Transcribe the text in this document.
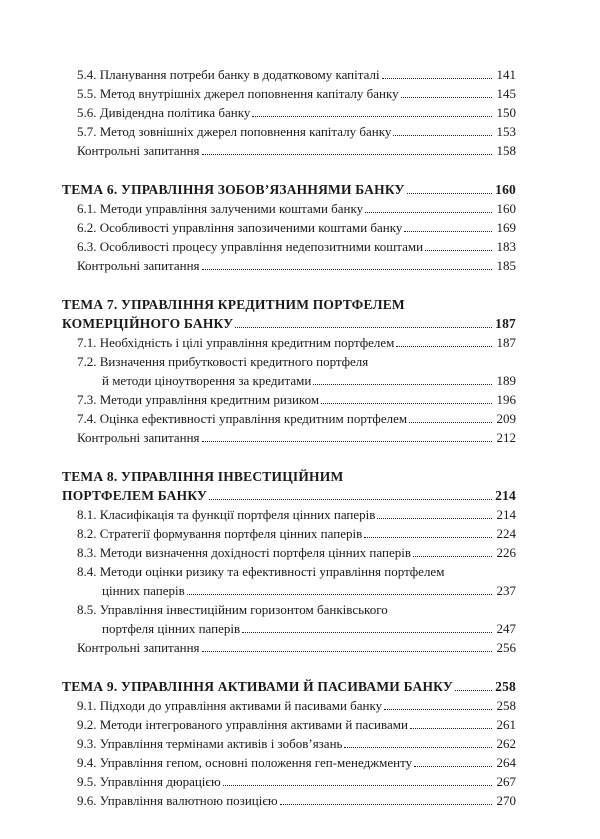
5.4. Планування потреби банку в додатковому капіталі	141
5.5. Метод внутрішніх джерел поповнення капіталу банку	145
5.6. Дивідендна політика банку	150
5.7. Метод зовнішніх джерел поповнення капіталу банку	153
Контрольні запитання	158
ТЕМА 6. УПРАВЛІННЯ ЗОБОВ’ЯЗАННЯМИ БАНКУ	160
6.1. Методи управління залученими коштами банку	160
6.2. Особливості управління запозиченими коштами банку	169
6.3. Особливості процесу управління недепозитними коштами	183
Контрольні запитання	185
ТЕМА 7. УПРАВЛІННЯ КРЕДИТНИМ ПОРТФЕЛЕМ
КОМЕРЦІЙНОГО БАНКУ	187
7.1. Необхідність і цілі управління кредитним портфелем	187
7.2. Визначення прибутковості кредитного портфеля
й методи ціноутворення за кредитами	189
7.3. Методи управління кредитним ризиком	196
7.4. Оцінка ефективності управління кредитним портфелем	209
Контрольні запитання	212
ТЕМА 8. УПРАВЛІННЯ ІНВЕСТИЦІЙНИМ
ПОРТФЕЛЕМ БАНКУ	214
8.1. Класифікація та функції портфеля цінних паперів	214
8.2. Стратегії формування портфеля цінних паперів	224
8.3. Методи визначення дохідності портфеля цінних паперів	226
8.4. Методи оцінки ризику та ефективності управління портфелем
цінних паперів	237
8.5. Управління інвестиційним горизонтом банківського
портфеля цінних паперів	247
Контрольні запитання	256
ТЕМА 9. УПРАВЛІННЯ АКТИВАМИ Й ПАСИВАМИ БАНКУ	258
9.1. Підходи до управління активами й пасивами банку	258
9.2. Методи інтегрованого управління активами й пасивами	261
9.3. Управління термінами активів і зобов’язань	262
9.4. Управління гепом, основні положення геп-менеджменту	264
9.5. Управління дюрацією	267
9.6. Управління валютною позицією	270
